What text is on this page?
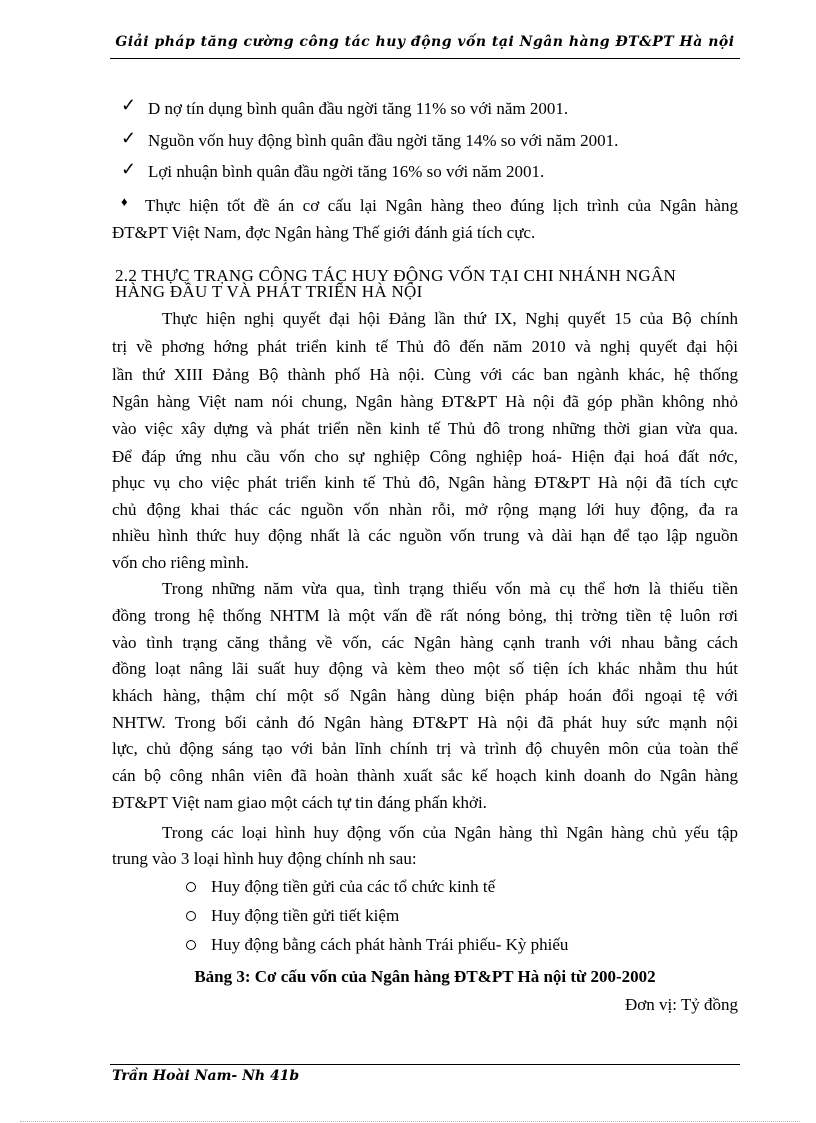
Giải pháp tăng cường công tác huy động vốn tại Ngân hàng ĐT&PT Hà nội
✓ D nợ tín dụng bình quân đầu ngời tăng 11% so với năm 2001.
✓ Nguồn vốn huy động bình quân đầu ngời tăng 14% so với năm 2001.
✓ Lợi nhuận bình quân đầu ngời tăng 16% so với năm 2001.
♦ Thực hiện tốt đề án cơ cấu lại Ngân hàng theo đúng lịch trình của Ngân hàng
ĐT&PT Việt Nam, đợc Ngân hàng Thế giới đánh giá tích cực.
2.2 THỰC TRẠNG CÔNG TÁC HUY ĐỘNG VỐN TẠI CHI NHÁNH NGÂN
HÀNG ĐẦU T VÀ PHÁT TRIỂN HÀ NỘI
Thực hiện nghị quyết đại hội Đảng lần thứ IX, Nghị quyết 15 của Bộ chính
trị về phơng hớng phát triển kinh tế Thủ đô đến năm 2010 và nghị quyết đại hội
lần thứ XIII Đảng Bộ thành phố Hà nội. Cùng với các ban ngành khác, hệ thống
Ngân hàng Việt nam nói chung, Ngân hàng ĐT&PT Hà nội đã góp phần không nhỏ
vào việc xây dựng và phát triển nền kinh tế Thủ đô trong những thời gian vừa qua.
Để đáp ứng nhu cầu vốn cho sự nghiệp Công nghiệp hoá- Hiện đại hoá đất nớc,
phục vụ cho việc phát triển kinh tế Thủ đô, Ngân hàng ĐT&PT Hà nội đã tích cực
chủ động khai thác các nguồn vốn nhàn rỗi, mở rộng mạng lới huy động, đa ra
nhiều hình thức huy động nhất là các nguồn vốn trung và dài hạn để tạo lập nguồn
vốn cho riêng mình.
Trong những năm vừa qua, tình trạng thiếu vốn mà cụ thể hơn là thiếu tiền
đồng trong hệ thống NHTM là một vấn đề rất nóng bỏng, thị trờng tiền tệ luôn rơi
vào tình trạng căng thẳng về vốn, các Ngân hàng cạnh tranh với nhau bằng cách
đồng loạt nâng lãi suất huy động và kèm theo một số tiện ích khác nhằm thu hút
khách hàng, thậm chí một số Ngân hàng dùng biện pháp hoán đổi ngoại tệ với
NHTW. Trong bối cảnh đó Ngân hàng ĐT&PT Hà nội đã phát huy sức mạnh nội
lực, chủ động sáng tạo với bản lĩnh chính trị và trình độ chuyên môn của toàn thể
cán bộ công nhân viên đã hoàn thành xuất sắc kế hoạch kinh doanh do Ngân hàng
ĐT&PT Việt nam giao một cách tự tin đáng phấn khởi.
Trong các loại hình huy động vốn của Ngân hàng thì Ngân hàng chủ yếu tập
trung vào 3 loại hình huy động chính nh sau:
Huy động tiền gửi của các tổ chức kinh tế
Huy động tiền gửi tiết kiệm
Huy động bằng cách phát hành Trái phiếu- Kỳ phiếu
Bảng 3: Cơ cấu vốn của Ngân hàng ĐT&PT Hà nội từ 200-2002
Đơn vị: Tỷ đồng
Trần Hoài Nam- Nh 41b
